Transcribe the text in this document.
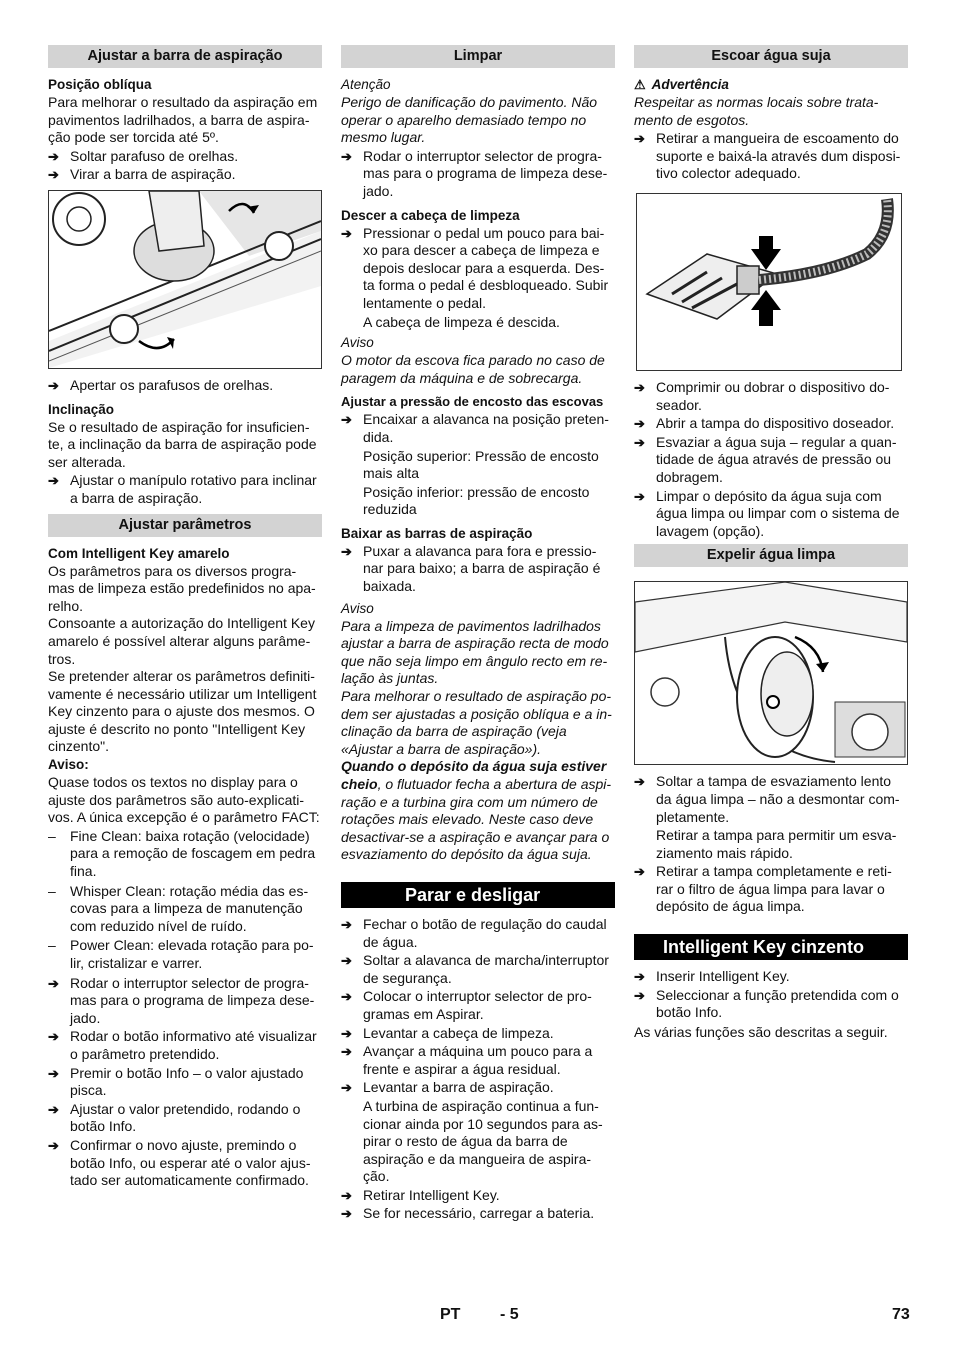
Ajustar a barra de aspiração
Posição oblíqua

Para melhorar o resultado da aspiração em pavimentos ladrilhados, a barra de aspira-ção pode ser torcida até 5º.

➔ Soltar parafuso de orelhas.
➔ Virar a barra de aspiração.
➔ Apertar os parafusos de orelhas.
Inclinação

Se o resultado de aspiração for insuficien-te, a inclinação da barra de aspiração pode ser alterada.

➔ Ajustar o manípulo rotativo para inclinar a barra de aspiração.
Ajustar parâmetros
Com Intelligent Key amarelo

Os parâmetros para os diversos progra-mas de limpeza estão predefinidos no apa-relho.

Consoante a autorização do Intelligent Key amarelo é possível alterar alguns parâme-tros.

Se pretender alterar os parâmetros definiti-vamente é necessário utilizar um Intelligent Key cinzento para o ajuste dos mesmos. O ajuste é descrito no ponto "Intelligent Key cinzento".

Aviso:

Quase todos os textos no display para o ajuste dos parâmetros são auto-explicati-vos. A única excepção é o parâmetro FACT:

– Fine Clean: baixa rotação (velocidade) para a remoção de foscagem em pedra fina.
– Whisper Clean: rotação média das es-covas para a limpeza de manutenção com reduzido nível de ruído.
– Power Clean: elevada rotação para po-lir, cristalizar e varrer.
➔ Rodar o interruptor selector de progra-mas para o programa de limpeza dese-jado.
➔ Rodar o botão informativo até visualizar o parâmetro pretendido.
➔ Premir o botão Info – o valor ajustado pisca.
➔ Ajustar o valor pretendido, rodando o botão Info.
➔ Confirmar o novo ajuste, premindo o botão Info, ou esperar até o valor ajus-tado ser automaticamente confirmado.
Limpar
Atenção

Perigo de danificação do pavimento. Não operar o aparelho demasiado tempo no mesmo lugar.

➔ Rodar o interruptor selector de progra-mas para o programa de limpeza dese-jado.
Descer a cabeça de limpeza
➔ Pressionar o pedal um pouco para bai-xo para descer a cabeça de limpeza e depois deslocar para a esquerda. Des-ta forma o pedal é desbloqueado. Subir lentamente o pedal.
A cabeça de limpeza é descida.
Aviso

O motor da escova fica parado no caso de paragem da máquina e de sobrecarga.

Ajustar a pressão de encosto das escovas
➔ Encaixar a alavanca na posição preten-dida.
Posição superior: Pressão de encosto mais alta
Posição inferior: pressão de encosto reduzida
Baixar as barras de aspiração
➔ Puxar a alavanca para fora e pressio-nar para baixo; a barra de aspiração é baixada.
Aviso

Para a limpeza de pavimentos ladrilhados ajustar a barra de aspiração recta de modo que não seja limpo em ângulo recto em re-lação às juntas.

Para melhorar o resultado de aspiração po-dem ser ajustadas a posição oblíqua e a in-clinação da barra de aspiração (veja «Ajustar a barra de aspiração»).

Quando o depósito da água suja estiver cheio, o flutuador fecha a abertura de aspi-ração e a turbina gira com um número de rotações mais elevado. Neste caso deve desactivar-se a aspiração e avançar para o esvaziamento do depósito da água suja.

Parar e desligar
➔ Fechar o botão de regulação do caudal de água.
➔ Soltar a alavanca de marcha/interruptor de segurança.
➔ Colocar o interruptor selector de pro-gramas em Aspirar.
➔ Levantar a cabeça de limpeza.
➔ Avançar a máquina um pouco para a frente e aspirar a água residual.
➔ Levantar a barra de aspiração.
A turbina de aspiração continua a fun-cionar ainda por 10 segundos para as-pirar o resto de água da barra de aspiração e da mangueira de aspira-ção.
➔ Retirar Intelligent Key.
➔ Se for necessário, carregar a bateria.
Escoar água suja
⚠ Advertência

Respeitar as normas locais sobre trata-mento de esgotos.

➔ Retirar a mangueira de escoamento do suporte e baixá-la através dum disposi-tivo colector adequado.
➔ Comprimir ou dobrar o dispositivo do-seador.
➔ Abrir a tampa do dispositivo doseador.
➔ Esvaziar a água suja – regular a quan-tidade de água através de pressão ou dobragem.
➔ Limpar o depósito da água suja com água limpa ou limpar com o sistema de lavagem (opção).
Expelir água limpa
➔ Soltar a tampa de esvaziamento lento da água limpa – não a desmontar com-pletamente.
Retirar a tampa para permitir um esva-ziamento mais rápido.
➔ Retirar a tampa completamente e reti-rar o filtro de água limpa para lavar o depósito de água limpa.
Intelligent Key cinzento
➔ Inserir Intelligent Key.
➔ Seleccionar a função pretendida com o botão Info.

As várias funções são descritas a seguir.

PT - 5	73
